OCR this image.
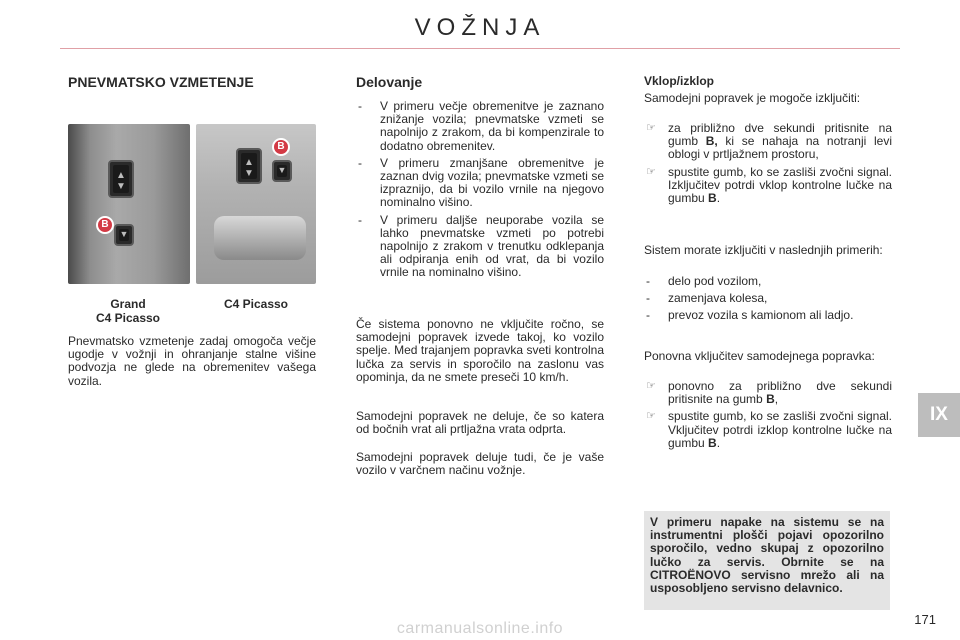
VOŽNJA
IX
171
carmanualsonline.info
PNEVMATSKO VZMETENJE
▲
▼
▼
B
▲
▼	▼
B
Grand
C4 Picasso
C4 Picasso
Pnevmatsko vzmetenje zadaj omogoča večje ugodje v vožnji in ohranjanje stalne višine podvozja ne glede na obremenitev vašega vozila.
Delovanje
- V primeru večje obremenitve je zaznano znižanje vozila; pnevmatske vzmeti se napolnijo z zrakom, da bi kompenzirale to dodatno obremenitev.
- V primeru zmanjšane obremenitve je zaznan dvig vozila; pnevmatske vzmeti se izpraznijo, da bi vozilo vrnile na njegovo nominalno višino.
- V primeru daljše neuporabe vozila se lahko pnevmatske vzmeti po potrebi napolnijo z zrakom v trenutku odklepanja ali odpiranja enih od vrat, da bi vozilo vrnile na nominalno višino.
Če sistema ponovno ne vključite ročno, se samodejni popravek izvede takoj, ko vozilo spelje. Med trajanjem popravka sveti kontrolna lučka za servis in sporočilo na zaslonu vas opominja, da ne smete preseči 10 km/h.
Samodejni popravek ne deluje, če so katera od bočnih vrat ali prtljažna vrata odprta.
Samodejni popravek deluje tudi, če je vaše vozilo v varčnem načinu vožnje.
Vklop/izklop
Samodejni popravek je mogoče izključiti:
☞ za približno dve sekundi pritisnite na gumb B, ki se nahaja na notranji levi oblogi v prtljažnem prostoru,
☞ spustite gumb, ko se zasliši zvočni signal. Izključitev potrdi vklop kontrolne lučke na gumbu B.
Sistem morate izključiti v naslednjih primerih:
- delo pod vozilom,
- zamenjava kolesa,
- prevoz vozila s kamionom ali ladjo.
Ponovna vključitev samodejnega popravka:
☞ ponovno za približno dve sekundi pritisnite na gumb B,
☞ spustite gumb, ko se zasliši zvočni signal. Vključitev potrdi izklop kontrolne lučke na gumbu B.
V primeru napake na sistemu se na instrumentni plošči pojavi opozorilno sporočilo, vedno skupaj z opozorilno lučko za servis. Obrnite se na CITROËNOVO servisno mrežo ali na usposobljeno servisno delavnico.
